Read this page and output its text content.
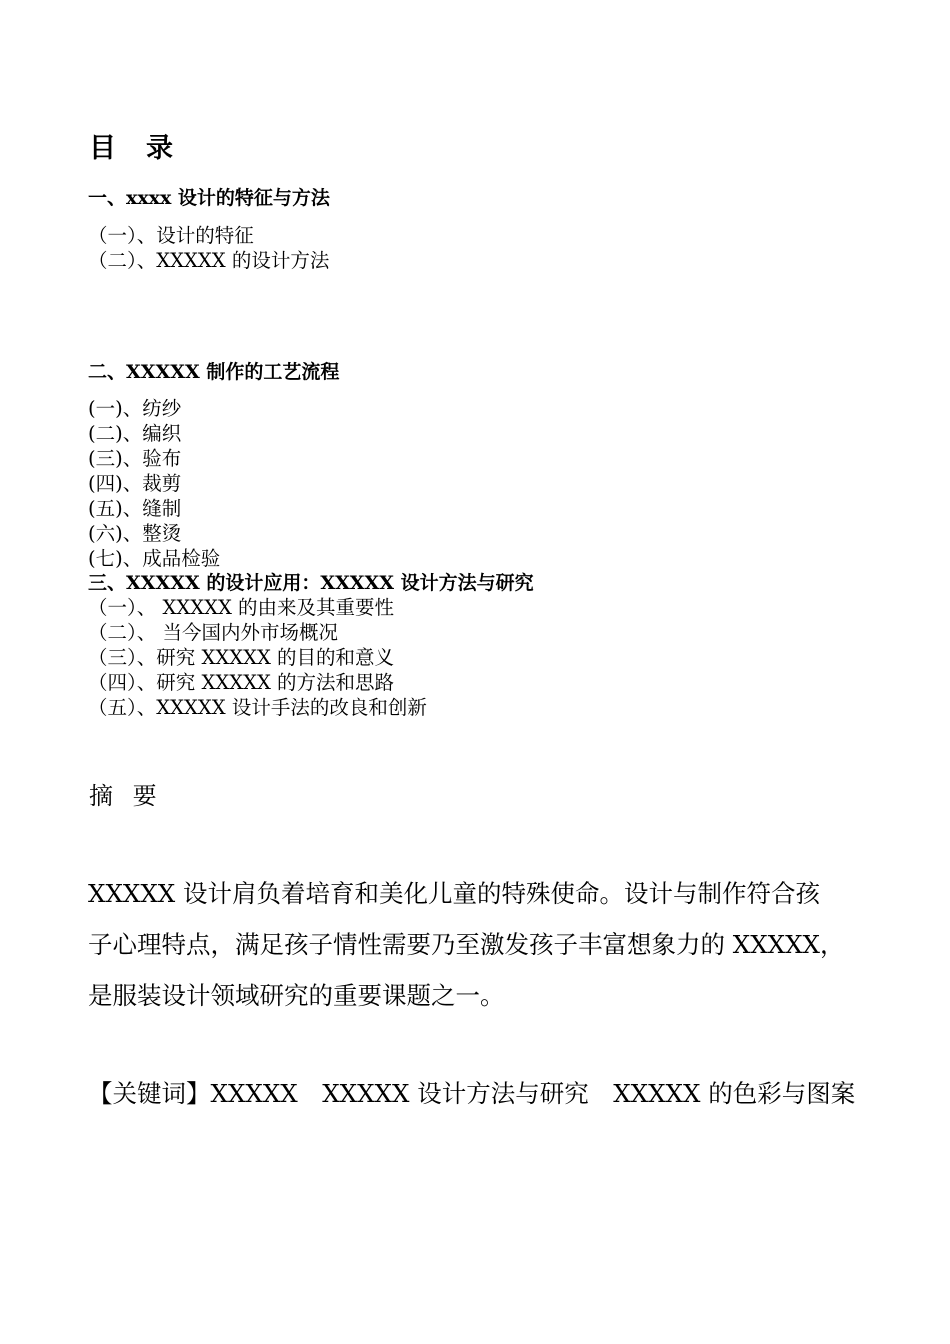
目 录
一、xxxx 设计的特征与方法
（一）、设计的特征
（二）、XXXXX 的设计方法
二、XXXXX 制作的工艺流程
(一)、纺纱
(二)、编织
(三)、验布
(四)、裁剪
(五)、缝制
(六)、整烫
(七)、成品检验
三、XXXXX 的设计应用：XXXXX 设计方法与研究
（一）、 XXXXX 的由来及其重要性
（二）、 当今国内外市场概况
（三）、研究 XXXXX 的目的和意义
（四）、研究 XXXXX 的方法和思路
（五）、XXXXX 设计手法的改良和创新
摘 要
XXXXX 设计肩负着培育和美化儿童的特殊使命。设计与制作符合孩
子心理特点，满足孩子情性需要乃至激发孩子丰富想象力的 XXXXX，
是服装设计领域研究的重要课题之一。
【关键词】XXXXX　XXXXX 设计方法与研究　XXXXX 的色彩与图案
